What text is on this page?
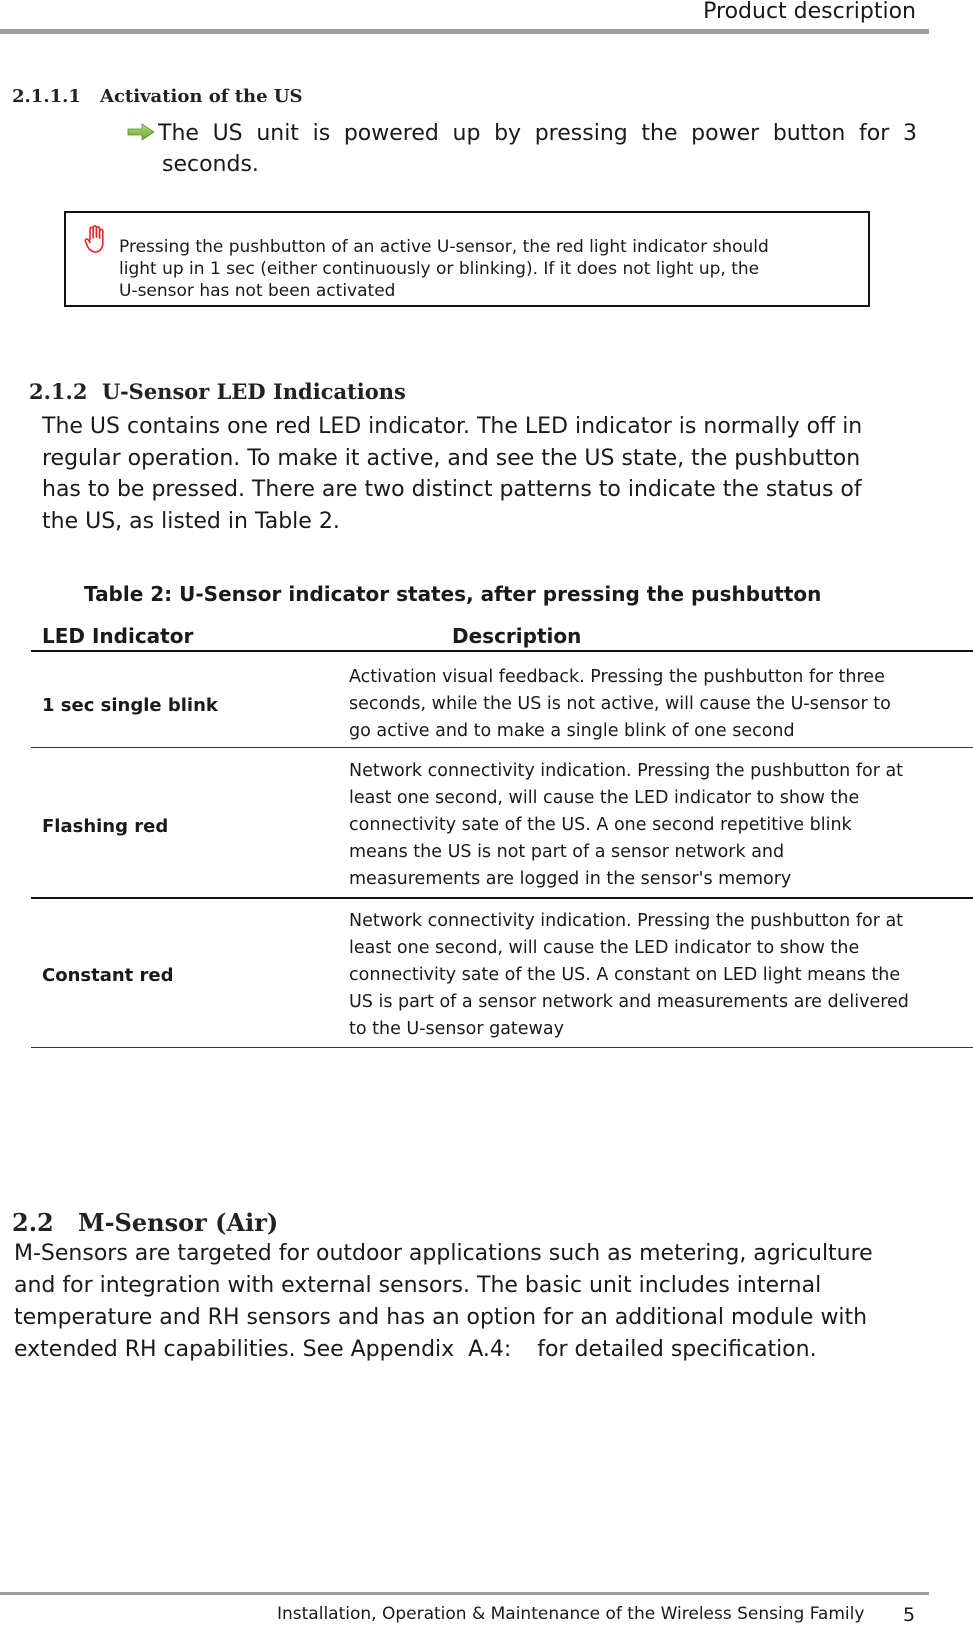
Product description
2.1.1.1 Activation of the US
The US unit is powered up by pressing the power button for 3
seconds.
Pressing the pushbutton of an active U-sensor, the red light indicator should
light up in 1 sec (either continuously or blinking). If it does not light up, the
U-sensor has not been activated
2.1.2 U-Sensor LED Indications
The US contains one red LED indicator. The LED indicator is normally off in
regular operation. To make it active, and see the US state, the pushbutton
has to be pressed. There are two distinct patterns to indicate the status of
the US, as listed in Table 2.
Table 2: U-Sensor indicator states, after pressing the pushbutton
LED Indicator	Description
1 sec single blink
Activation visual feedback. Pressing the pushbutton for three
seconds, while the US is not active, will cause the U-sensor to
go active and to make a single blink of one second
Flashing red
Network connectivity indication. Pressing the pushbutton for at
least one second, will cause the LED indicator to show the
connectivity sate of the US. A one second repetitive blink
means the US is not part of a sensor network and
measurements are logged in the sensor's memory
Constant red
Network connectivity indication. Pressing the pushbutton for at
least one second, will cause the LED indicator to show the
connectivity sate of the US. A constant on LED light means the
US is part of a sensor network and measurements are delivered
to the U-sensor gateway
2.2 M-Sensor (Air)
M-Sensors are targeted for outdoor applications such as metering, agriculture
and for integration with external sensors. The basic unit includes internal
temperature and RH sensors and has an option for an additional module with
extended RH capabilities. See Appendix A.4: for detailed specification.
Installation, Operation & Maintenance of the Wireless Sensing Family 5
